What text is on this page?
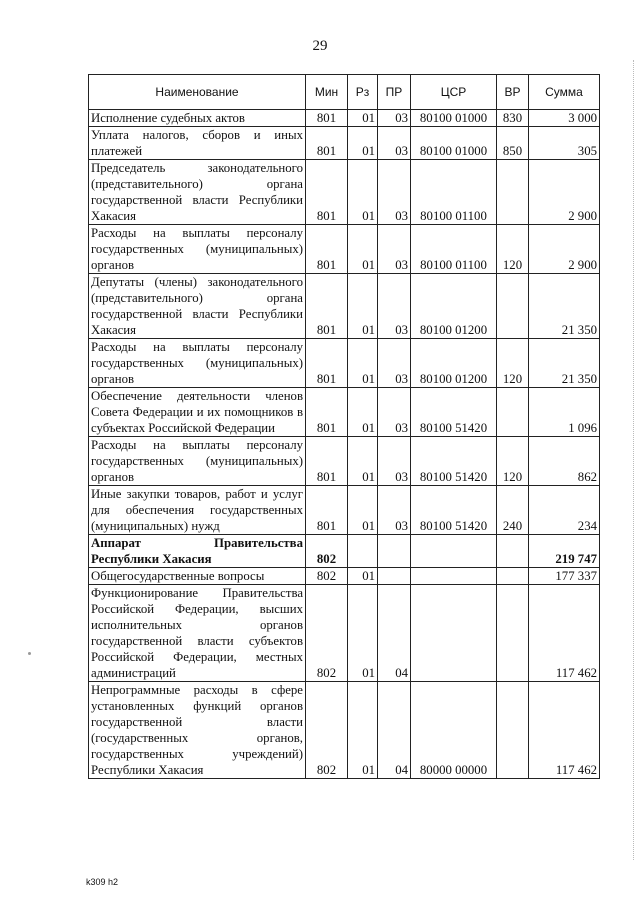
29
Наименование	Мин	Рз	ПР	ЦСР	ВР	Сумма
Исполнение судебных актов	801	01	03	80100 01000	830	3 000
Уплата налогов, сборов и иных платежей	801	01	03	80100 01000	850	305
Председатель законодательного (представительного) органа государственной власти Республики Хакасия	801	01	03	80100 01100		2 900
Расходы на выплаты персоналу государственных (муниципальных) органов	801	01	03	80100 01100	120	2 900
Депутаты (члены) законодательного (представительного) органа государственной власти Республики Хакасия	801	01	03	80100 01200		21 350
Расходы на выплаты персоналу государственных (муниципальных) органов	801	01	03	80100 01200	120	21 350
Обеспечение деятельности членов Совета Федерации и их помощников в субъектах Российской Федерации	801	01	03	80100 51420		1 096
Расходы на выплаты персоналу государственных (муниципальных) органов	801	01	03	80100 51420	120	862
Иные закупки товаров, работ и услуг для обеспечения государственных (муниципальных) нужд	801	01	03	80100 51420	240	234
Аппарат Правительства Республики Хакасия	802					219 747
Общегосударственные вопросы	802	01				177 337
Функционирование Правительства Российской Федерации, высших исполнительных органов государственной власти субъектов Российской Федерации, местных администраций	802	01	04			117 462
Непрограммные расходы в сфере установленных функций органов государственной власти (государственных органов, государственных учреждений) Республики Хакасия	802	01	04	80000 00000		117 462
k309 h2
